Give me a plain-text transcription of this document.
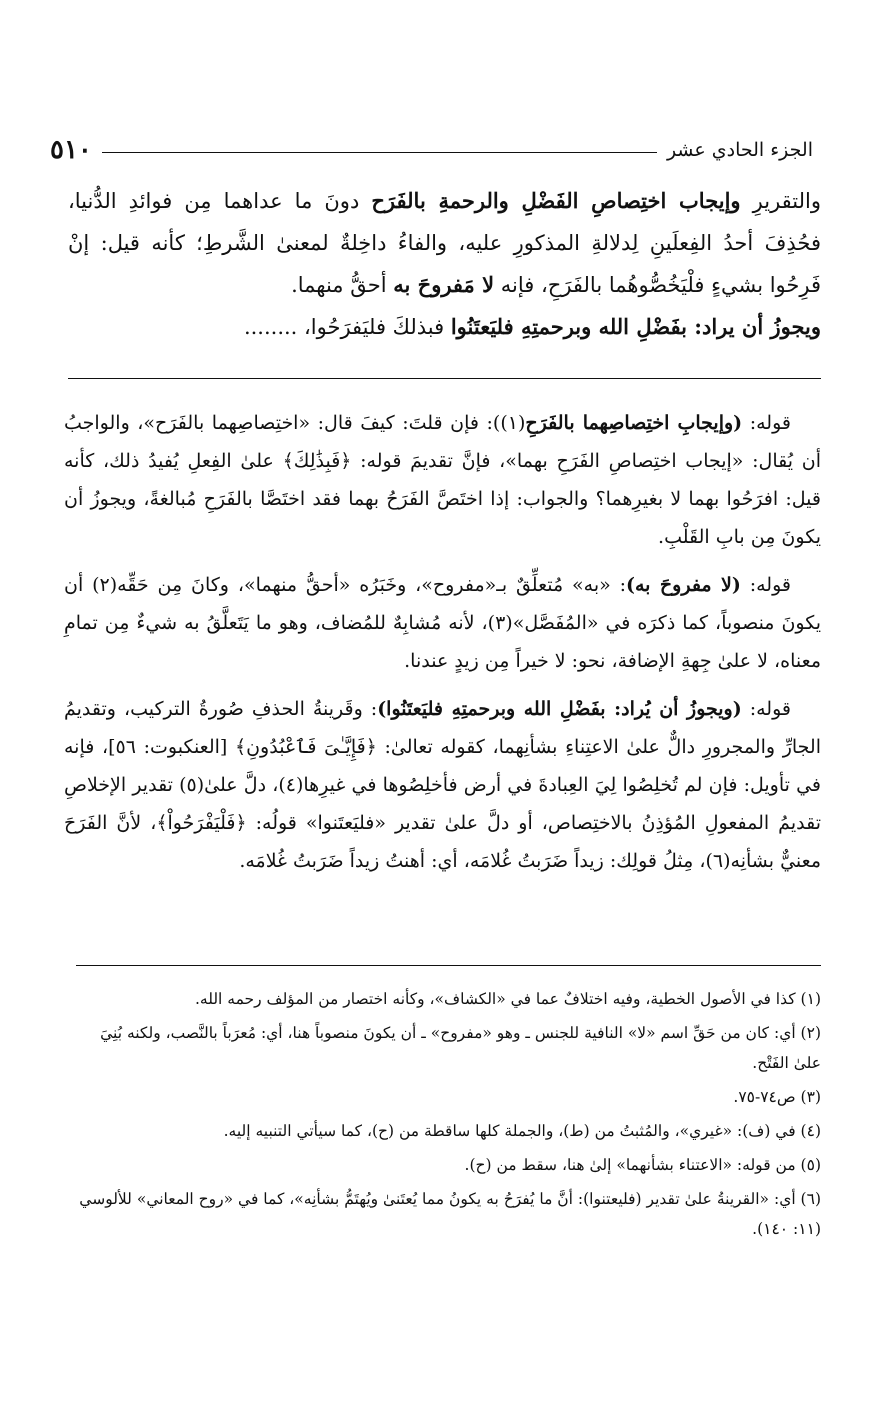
الجزء الحادي عشر
٥١٠

والتقريرِ وإيجاب اختِصاصِ الفَضْلِ والرحمةِ بالفَرَح دونَ ما عداهما مِن فوائدِ الدُّنيا، فحُذِفَ أحدُ الفِعلَينِ لِدلالةِ المذكورِ عليه، والفاءُ داخِلةٌ لمعنىٰ الشَّرطِ؛ كأنه قيل: إنْ فَرِحُوا بشيءٍ فلْيَخُصُّوهُما بالفَرَحِ، فإنه لا مَفروحَ به أحقُّ منهما.

ويجوزُ أن يراد: بفَضْلِ الله وبرحمتِهِ فليَعتَنُوا فبذلكَ فليَفرَحُوا، ........

قوله: (وإيجابِ اختِصاصِهما بالفَرَحِ(١)): فإن قلتَ: كيفَ قال: «اختِصاصِهما بالفَرَح»، والواجبُ أن يُقال: «إيجاب اختِصاصِ الفَرَحِ بهما»، فإنَّ تقديمَ قوله: ﴿فَبِذَٰلِكَ﴾ علىٰ الفِعلِ يُفيدُ ذلك، كأنه قيل: افرَحُوا بهما لا بغيرِهما؟ والجواب: إذا اختَصَّ الفَرَحُ بهما فقد اختَصَّا بالفَرَحِ مُبالغةً، ويجوزُ أن يكونَ مِن بابِ القَلْبِ.

قوله: (لا مفروحَ به): «به» مُتعلِّقٌ بـ«مفروح»، وخَبَرُه «أحقُّ منهما»، وكانَ مِن حَقِّه(٢) أن يكونَ منصوباً، كما ذكرَه في «المُفَصَّل»(٣)، لأنه مُشابِهٌ للمُضاف، وهو ما يَتَعلَّقُ به شيءٌ مِن تمامِ معناه، لا علىٰ جِهةِ الإضافة، نحو: لا خيراً مِن زيدٍ عندنا.

قوله: (ويجوزُ أن يُراد: بفَضْلِ الله وبرحمتِهِ فليَعتَنُوا): وقَرينةُ الحذفِ صُورةُ التركيب، وتقديمُ الجارِّ والمجرورِ دالٌّ علىٰ الاعتِناءِ بشأنِهما، كقوله تعالىٰ: ﴿فَإِيَّـٰىَ فَٱعْبُدُونِ﴾ [العنكبوت: ٥٦]، فإنه في تأويل: فإن لم تُخلِصُوا لِيَ العِبادةَ في أرض فأخلِصُوها في غيرِها(٤)، دلَّ علىٰ(٥) تقدير الإخلاصِ تقديمُ المفعولِ المُؤذِنُ بالاختِصاص، أو دلَّ علىٰ تقدير «فليَعتَنوا» قولُه: ﴿فَلْيَفْرَحُواْ﴾، لأنَّ الفَرَحَ معنيٌّ بشأنِه(٦)، مِثلُ قولِك: زيداً ضَرَبتُ غُلامَه، أي: أهنتُ زيداً ضَرَبتُ غُلامَه.

(١) كذا في الأصول الخطية، وفيه اختلافٌ عما في «الكشاف»، وكأنه اختصار من المؤلف رحمه الله.
(٢) أي: كان من حَقِّ اسم «لا» النافية للجنس ـ وهو «مفروح» ـ أن يكونَ منصوباً هنا، أي: مُعرَباً بالنَّصب، ولكنه بُنِيَ علىٰ الفَتْح.
(٣) ص٧٤-٧٥.
(٤) في (ف): «غيري»، والمُثبتُ من (ط)، والجملة كلها ساقطة من (ح)، كما سيأتي التنبيه إليه.
(٥) من قوله: «الاعتناء بشأنهما» إلىٰ هنا، سقط من (ح).
(٦) أي: «القرينةُ علىٰ تقدير (فليعتنوا): أنَّ ما يُفرَحُ به يكونُ مما يُعتَنىٰ ويُهتَمُّ بشأنِه»، كما في «روح المعاني» للألوسي (١١: ١٤٠).
